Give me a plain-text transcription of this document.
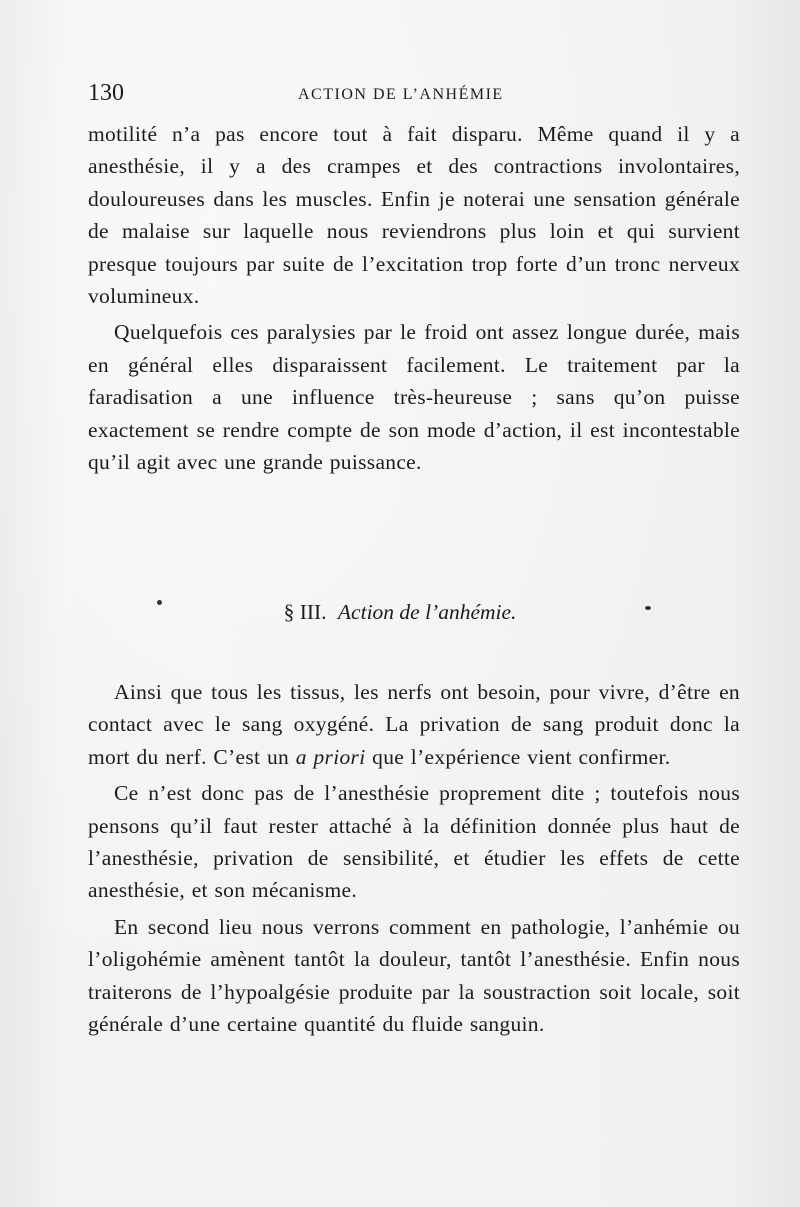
130	ACTION DE L’ANHÉMIE

motilité n’a pas encore tout à fait disparu. Même quand il y a anesthésie, il y a des crampes et des contractions involontaires, douloureuses dans les muscles. Enfin je noterai une sensation générale de malaise sur laquelle nous reviendrons plus loin et qui survient presque toujours par suite de l’excitation trop forte d’un tronc nerveux volumineux.

Quelquefois ces paralysies par le froid ont assez longue durée, mais en général elles disparaissent facilement. Le traitement par la faradisation a une influence très-heureuse ; sans qu’on puisse exactement se rendre compte de son mode d’action, il est incontestable qu’il agit avec une grande puissance.

§ III. Action de l’anhémie.

Ainsi que tous les tissus, les nerfs ont besoin, pour vivre, d’être en contact avec le sang oxygéné. La privation de sang produit donc la mort du nerf. C’est un a priori que l’expérience vient confirmer.

Ce n’est donc pas de l’anesthésie proprement dite ; toutefois nous pensons qu’il faut rester attaché à la définition donnée plus haut de l’anesthésie, privation de sensibilité, et étudier les effets de cette anesthésie, et son mécanisme.

En second lieu nous verrons comment en pathologie, l’anhémie ou l’oligohémie amènent tantôt la douleur, tantôt l’anesthésie. Enfin nous traiterons de l’hypoalgésie produite par la soustraction soit locale, soit générale d’une certaine quantité du fluide sanguin.
